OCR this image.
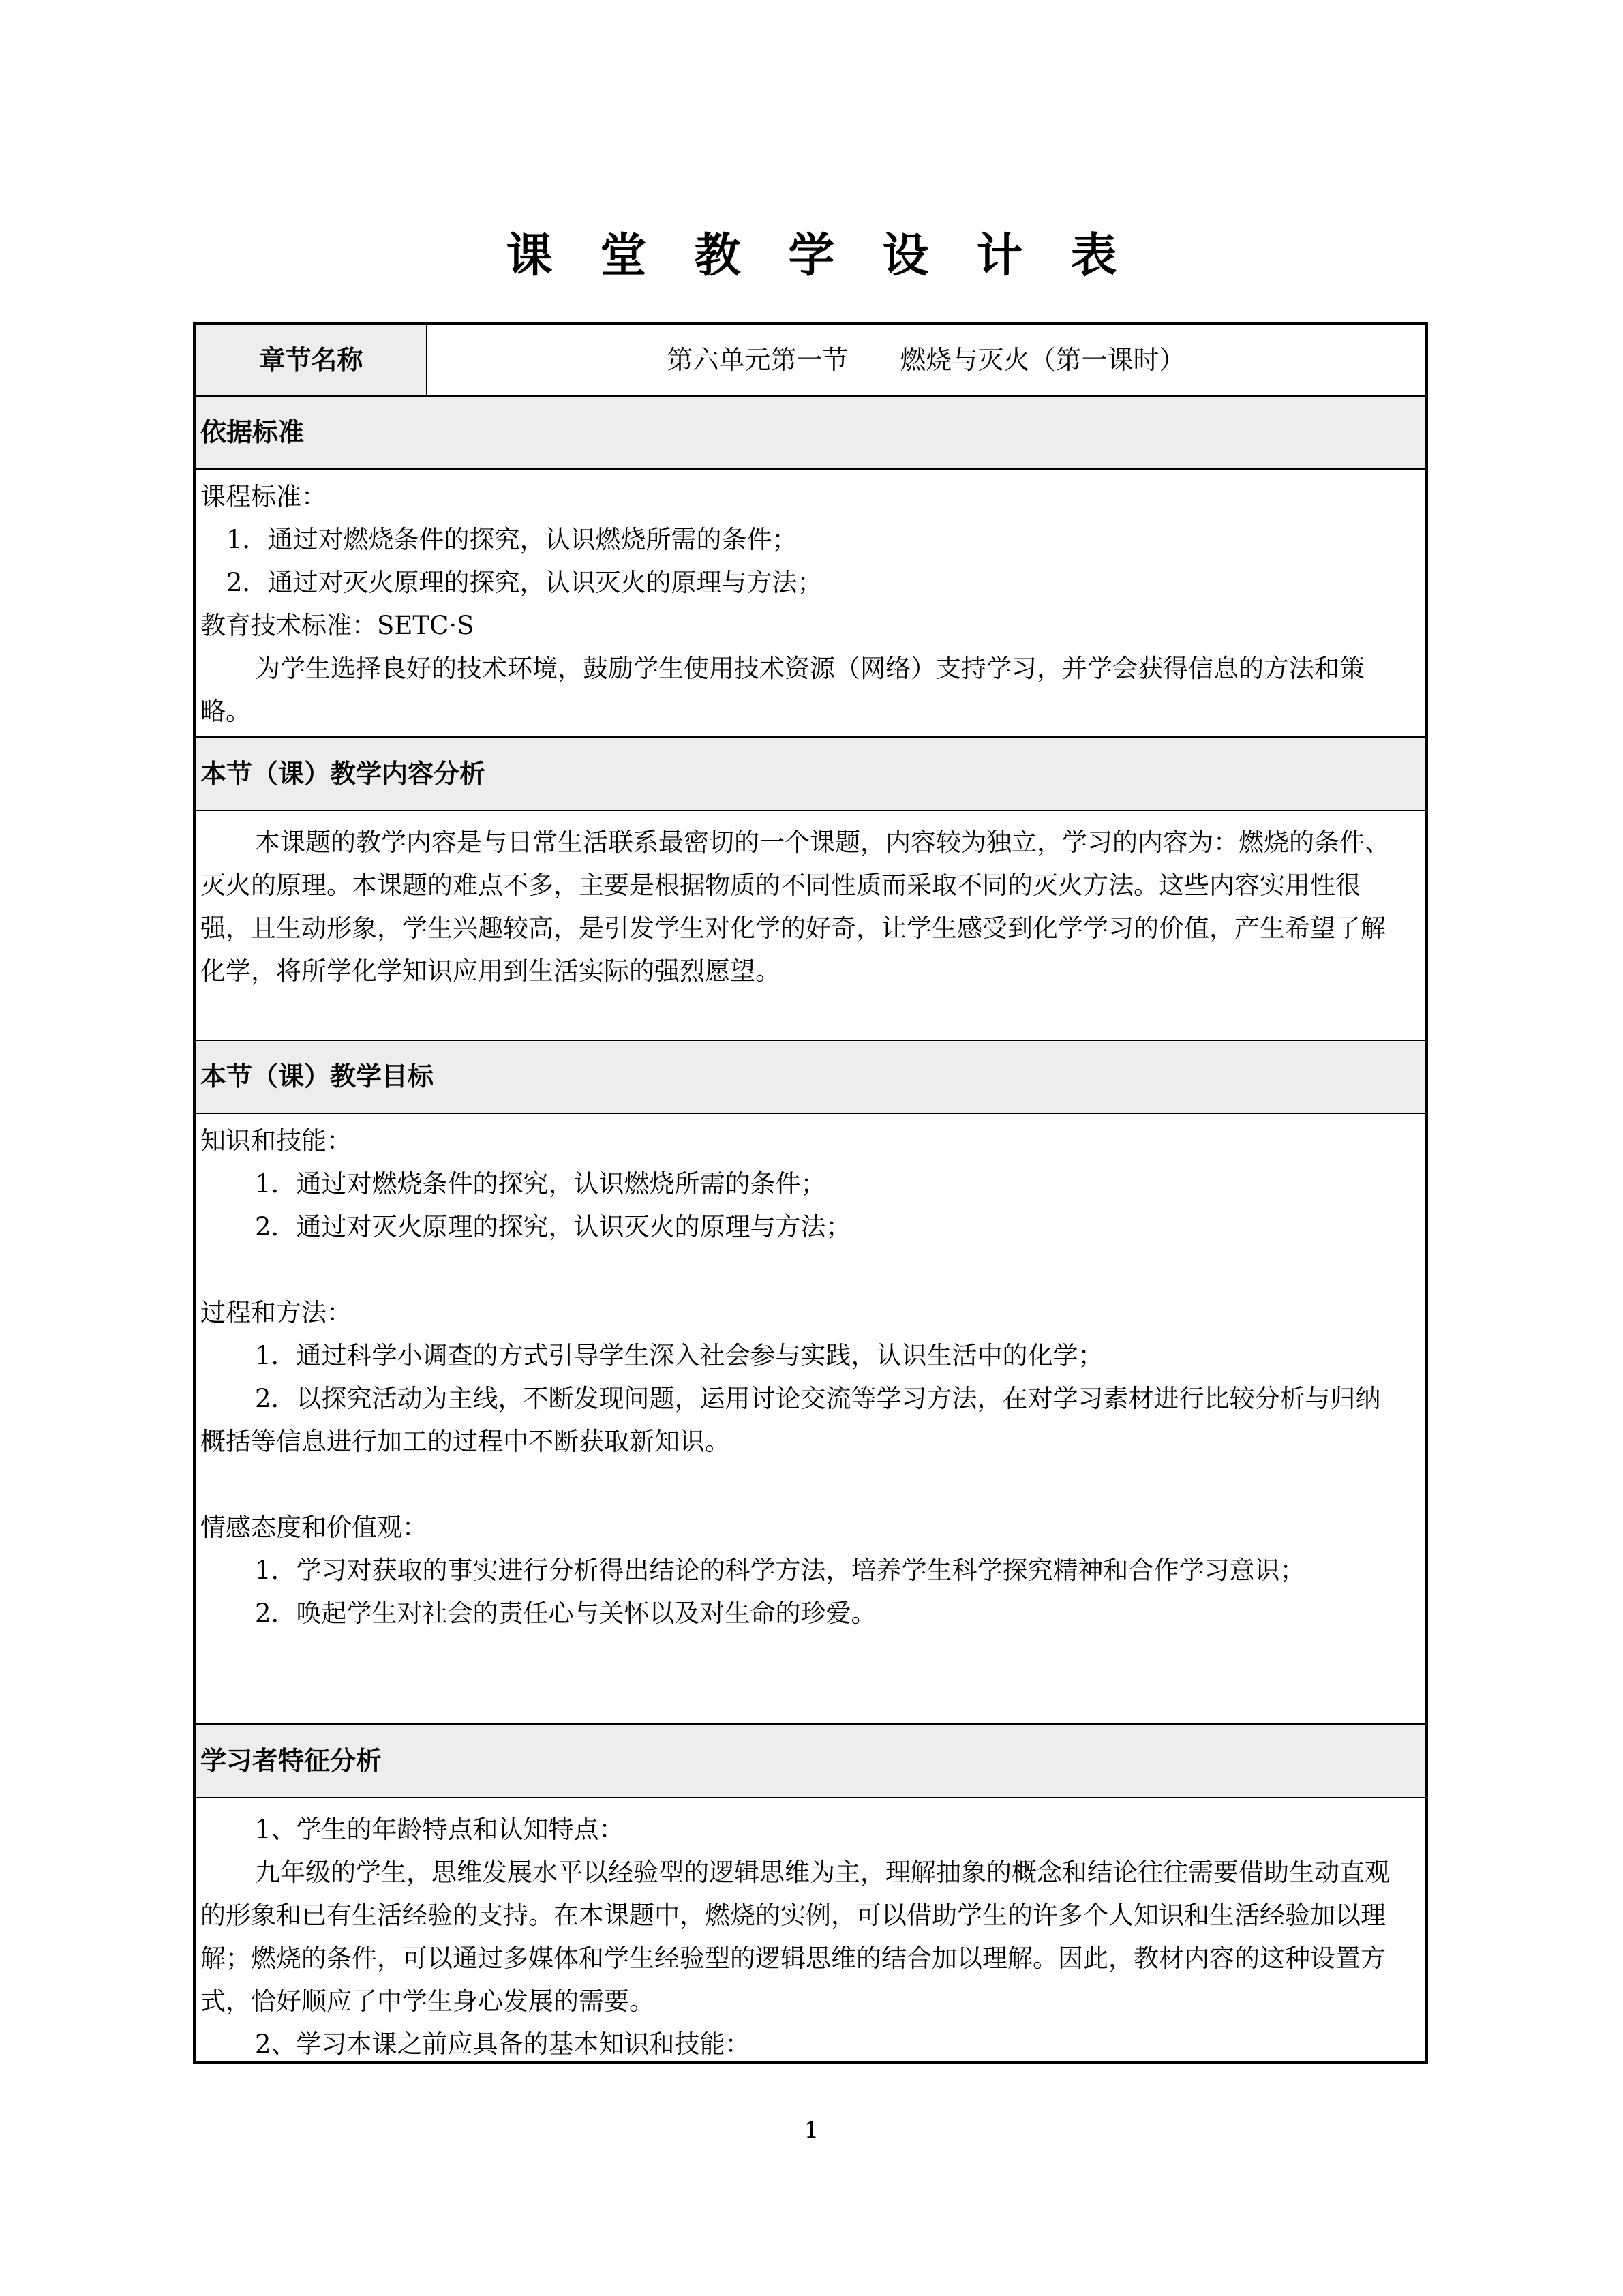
课堂教学设计表
章节名称	第六单元第一节　　燃烧与灭火（第一课时）
依据标准

课程标准：

1．通过对燃烧条件的探究，认识燃烧所需的条件；

2．通过对灭火原理的探究，认识灭火的原理与方法；

教育技术标准：SETC·S

为学生选择良好的技术环境，鼓励学生使用技术资源（网络）支持学习，并学会获得信息的方法和策略。

本节（课）教学内容分析

本课题的教学内容是与日常生活联系最密切的一个课题，内容较为独立，学习的内容为：燃烧的条件、灭火的原理。本课题的难点不多，主要是根据物质的不同性质而采取不同的灭火方法。这些内容实用性很强，且生动形象，学生兴趣较高，是引发学生对化学的好奇，让学生感受到化学学习的价值，产生希望了解化学，将所学化学知识应用到生活实际的强烈愿望。

本节（课）教学目标

知识和技能：

1．通过对燃烧条件的探究，认识燃烧所需的条件；

2．通过对灭火原理的探究，认识灭火的原理与方法；

过程和方法：

1．通过科学小调查的方式引导学生深入社会参与实践，认识生活中的化学；

2．以探究活动为主线，不断发现问题，运用讨论交流等学习方法，在对学习素材进行比较分析与归纳概括等信息进行加工的过程中不断获取新知识。

情感态度和价值观：

1．学习对获取的事实进行分析得出结论的科学方法，培养学生科学探究精神和合作学习意识；

2．唤起学生对社会的责任心与关怀以及对生命的珍爱。

学习者特征分析

1、学生的年龄特点和认知特点：

九年级的学生，思维发展水平以经验型的逻辑思维为主，理解抽象的概念和结论往往需要借助生动直观的形象和已有生活经验的支持。在本课题中，燃烧的实例，可以借助学生的许多个人知识和生活经验加以理解；燃烧的条件，可以通过多媒体和学生经验型的逻辑思维的结合加以理解。因此，教材内容的这种设置方式，恰好顺应了中学生身心发展的需要。

2、学习本课之前应具备的基本知识和技能：

1
